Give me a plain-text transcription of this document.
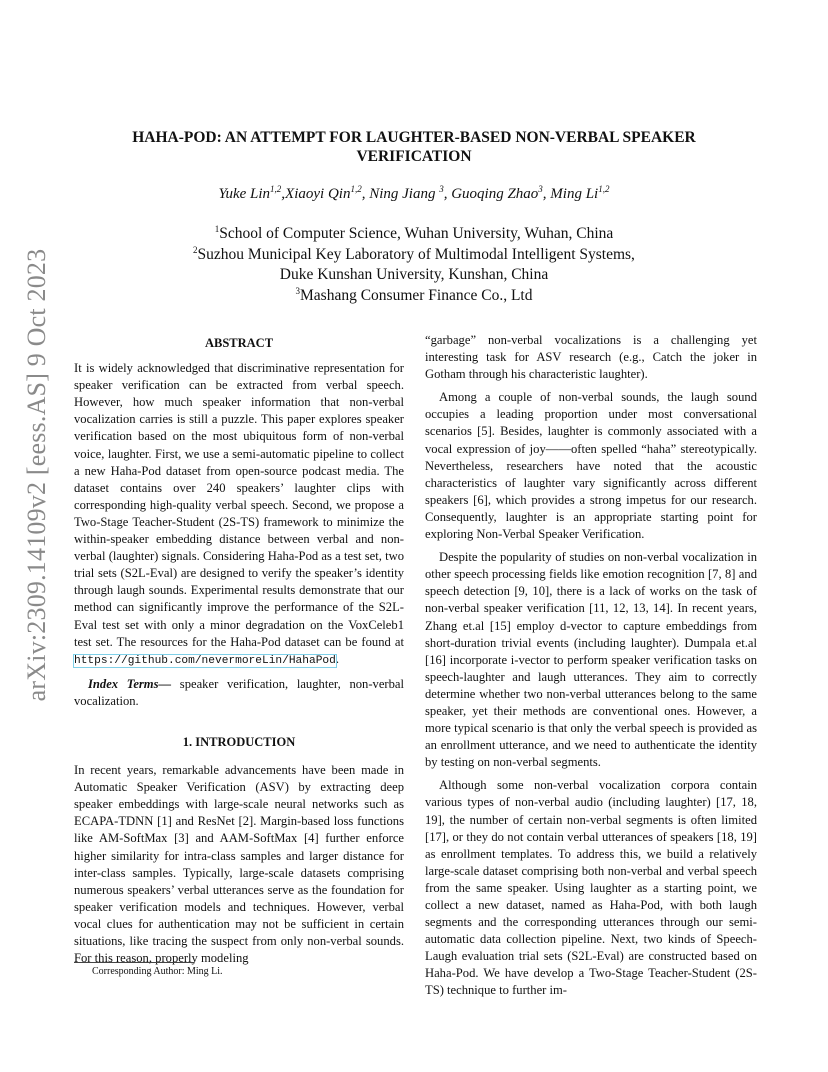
arXiv:2309.14109v2 [eess.AS] 9 Oct 2023
HAHA-POD: AN ATTEMPT FOR LAUGHTER-BASED NON-VERBAL SPEAKER
VERIFICATION
Yuke Lin$^{1,2}$,Xiaoyi Qin$^{1,2}$, Ning Jiang $^3$, Guoqing Zhao$^3$, Ming Li$^{1,2}$
$^1$School of Computer Science, Wuhan University, Wuhan, China
$^2$Suzhou Municipal Key Laboratory of Multimodal Intelligent Systems,
Duke Kunshan University, Kunshan, China
$^3$Mashang Consumer Finance Co., Ltd
ABSTRACT

It is widely acknowledged that discriminative representation for speaker verification can be extracted from verbal speech. However, how much speaker information that non-verbal vocalization carries is still a puzzle. This paper explores speaker verification based on the most ubiquitous form of non-verbal voice, laughter. First, we use a semi-automatic pipeline to collect a new Haha-Pod dataset from open-source podcast media. The dataset contains over 240 speakers’ laughter clips with corresponding high-quality verbal speech. Second, we propose a Two-Stage Teacher-Student (2S-TS) framework to minimize the within-speaker embedding distance between verbal and non-verbal (laughter) signals. Considering Haha-Pod as a test set, two trial sets (S2L-Eval) are designed to verify the speaker’s identity through laugh sounds. Experimental results demonstrate that our method can significantly improve the performance of the S2L-Eval test set with only a minor degradation on the VoxCeleb1 test set. The resources for the Haha-Pod dataset can be found at https://github.com/nevermoreLin/HahaPod.

Index Terms— speaker verification, laughter, non-verbal vocalization.

1. INTRODUCTION

In recent years, remarkable advancements have been made in Automatic Speaker Verification (ASV) by extracting deep speaker embeddings with large-scale neural networks such as ECAPA-TDNN [1] and ResNet [2]. Margin-based loss functions like AM-SoftMax [3] and AAM-SoftMax [4] further enforce higher similarity for intra-class samples and larger distance for inter-class samples. Typically, large-scale datasets comprising numerous speakers’ verbal utterances serve as the foundation for speaker verification models and techniques. However, verbal vocal clues for authentication may not be sufficient in certain situations, like tracing the suspect from only non-verbal sounds. For this reason, properly modeling

Corresponding Author: Ming Li.

“garbage” non-verbal vocalizations is a challenging yet interesting task for ASV research (e.g., Catch the joker in Gotham through his characteristic laughter).

Among a couple of non-verbal sounds, the laugh sound occupies a leading proportion under most conversational scenarios [5]. Besides, laughter is commonly associated with a vocal expression of joy——often spelled “haha” stereotypically. Nevertheless, researchers have noted that the acoustic characteristics of laughter vary significantly across different speakers [6], which provides a strong impetus for our research. Consequently, laughter is an appropriate starting point for exploring Non-Verbal Speaker Verification.

Despite the popularity of studies on non-verbal vocalization in other speech processing fields like emotion recognition [7, 8] and speech detection [9, 10], there is a lack of works on the task of non-verbal speaker verification [11, 12, 13, 14]. In recent years, Zhang et.al [15] employ d-vector to capture embeddings from short-duration trivial events (including laughter). Dumpala et.al [16] incorporate i-vector to perform speaker verification tasks on speech-laughter and laugh utterances. They aim to correctly determine whether two non-verbal utterances belong to the same speaker, yet their methods are conventional ones. However, a more typical scenario is that only the verbal speech is provided as an enrollment utterance, and we need to authenticate the identity by testing on non-verbal segments.

Although some non-verbal vocalization corpora contain various types of non-verbal audio (including laughter) [17, 18, 19], the number of certain non-verbal segments is often limited [17], or they do not contain verbal utterances of speakers [18, 19] as enrollment templates. To address this, we build a relatively large-scale dataset comprising both non-verbal and verbal speech from the same speaker. Using laughter as a starting point, we collect a new dataset, named as Haha-Pod, with both laugh segments and the corresponding utterances through our semi-automatic data collection pipeline. Next, two kinds of Speech-Laugh evaluation trial sets (S2L-Eval) are constructed based on Haha-Pod. We have develop a Two-Stage Teacher-Student (2S-TS) technique to further im-
